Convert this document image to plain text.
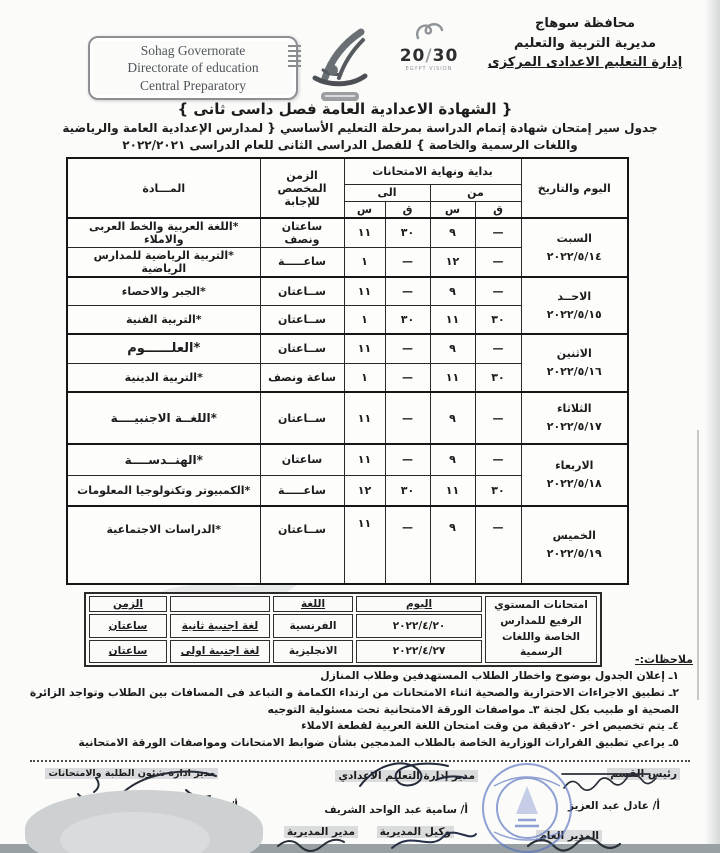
محافظة سوهاج
مديرية التربية والتعليم
إدارة التعليم الاعدادى المركزى
Sohag Governorate
Directorate of education
Central Preparatory
20/30
EGYPT VISION
{ الشهادة الاعدادية العامة فصل داسى ثانى }
جدول سير إمتحان شهادة إتمام الدراسة بمرحلة التعليم الأساسي { لمدارس الإعدادية العامة والرياضية
واللغات الرسمية والخاصة } للفصل الدراسى الثانى للعام الدراسى ٢٠٢٢/٢٠٢١
اليوم والتاريخ	بداية ونهاية الامتحانات				الزمن المخصص للإجابة	المـــادة
	من		الى			
	ق	س	ق	س		

السبت
٢٠٢٢/٥/١٤	—	٩	٣٠	١١	ساعتان ونصف	*اللغة العربية والخط العربى والاملاء
	—	١٢	—	١	ساعـــــة	*التربية الرياضية للمدارس الرياضية

الاحــد
٢٠٢٢/٥/١٥	—	٩	—	١١	ســاعتان	*الجبر والاحصاء
	٣٠	١١	٣٠	١	ســاعتان	*التربية الفنية

الاثنين
٢٠٢٢/٥/١٦	—	٩	—	١١	ســاعتان	*العلــــــوم
	٣٠	١١	—	١	ساعة ونصف	*التربية الدينية

الثلاثاء
٢٠٢٢/٥/١٧	—	٩	—	١١	ســاعتان	*اللغــة الاجنبيــــة

الاربعاء
٢٠٢٢/٥/١٨	—	٩	—	١١	ساعتان	*الهنــدســــة
	٣٠	١١	٣٠	١٢	ساعـــــة	*الكمبيوتر وتكنولوجيا المعلومات

الخميس
٢٠٢٢/٥/١٩	—	٩	—	١١	ســاعتان	*الدراسات الاجتماعية
امتحانات المستوي الرفيع للمدارس الخاصة واللغات الرسمية	اليوم	اللغة		الزمن
	٢٠٢٢/٤/٢٠	الفرنسية	لغة اجنبية ثانية	ساعتان
	٢٠٢٢/٤/٢٧	الانجليزية	لغة اجنبية اولى	ساعتان
ملاحظات:-
١ـ إعلان الجدول بوضوح واخطار الطلاب المستهدفين وطلاب المنازل
٢ـ تطبيق الاجراءات الاحترازية والصحية اثناء الامتحانات من ارتداء الكمامة و التباعد فى المسافات بين الطلاب وتواجد الزائرة الصحية او طبيب بكل لجنة ٣ـ مواصفات الورقة الامتحانية تحت مسئولية التوجيه
٤ـ يتم تخصيص اخر ٢٠دقيقة من وقت امتحان اللغة العربية لقطعة الاملاء
٥ـ يراعي تطبيق القرارات الوزارية الخاصة بالطلاب المدمجين بشأن ضوابط الامتحانات ومواصفات الورقة الامتحانية
رئيس القسم
أ/ عادل عبد العزيز
المدير العام
مدير إدارة التعليم الاعدادي
أ/ سامية عبد الواحد الشريف
وكيل المديرية
مدير ادارة شئون الطلبة والامتحانات
مدير المديرية
